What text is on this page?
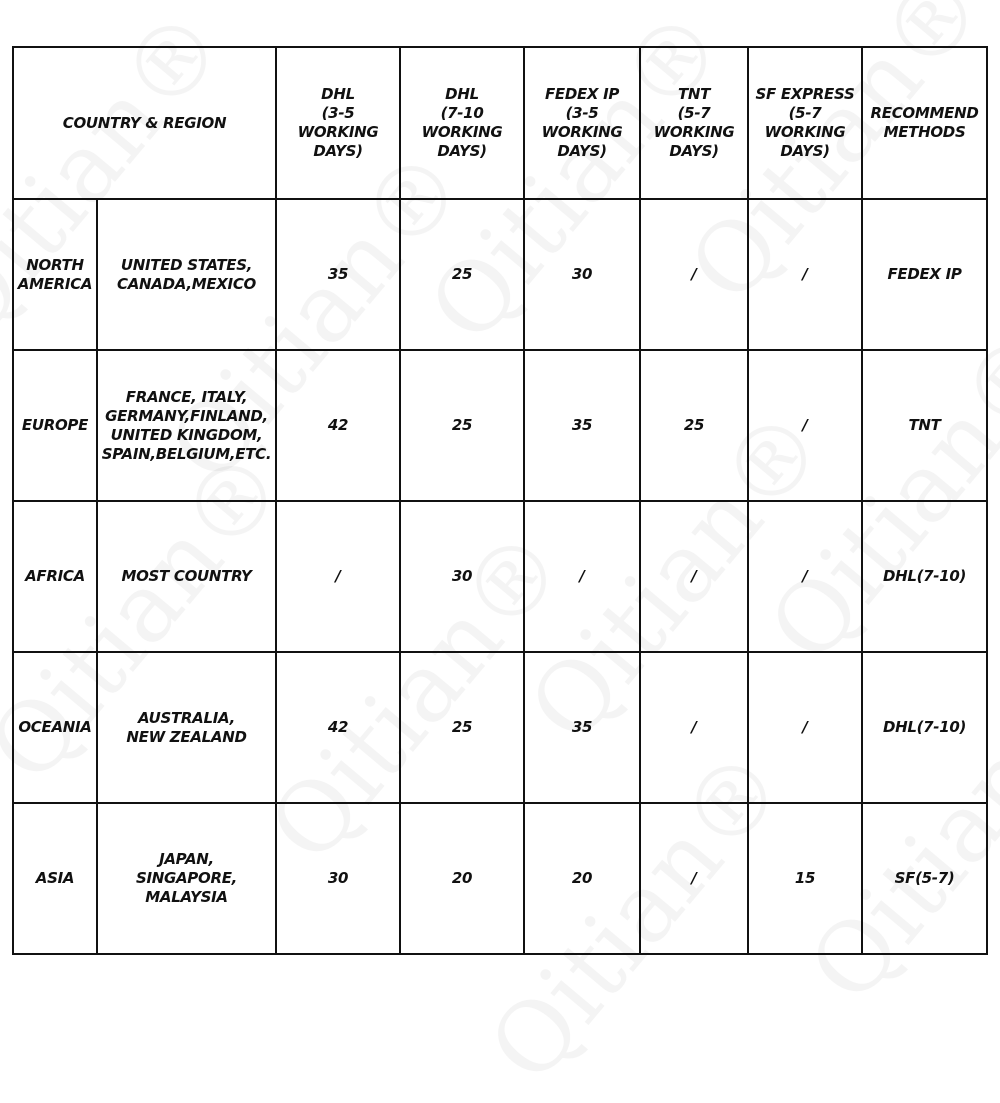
COUNTRY & REGION		DHL
(3-5
WORKING
DAYS)	DHL
(7-10
WORKING
DAYS)	FEDEX IP
(3-5
WORKING
DAYS)	TNT
(5-7
WORKING
DAYS)	SF EXPRESS
(5-7
WORKING
DAYS)	RECOMMEND
METHODS
NORTH
AMERICA	UNITED STATES,
CANADA,MEXICO	35	25	30	/	/	FEDEX IP
EUROPE	FRANCE, ITALY,
GERMANY,FINLAND,
UNITED KINGDOM,
SPAIN,BELGIUM,ETC.	42	25	35	25	/	TNT
AFRICA	MOST COUNTRY	/	30	/	/	/	DHL(7-10)
OCEANIA	AUSTRALIA,
NEW ZEALAND	42	25	35	/	/	DHL(7-10)
ASIA	JAPAN,
SINGAPORE,
MALAYSIA	30	20	20	/	15	SF(5-7)
